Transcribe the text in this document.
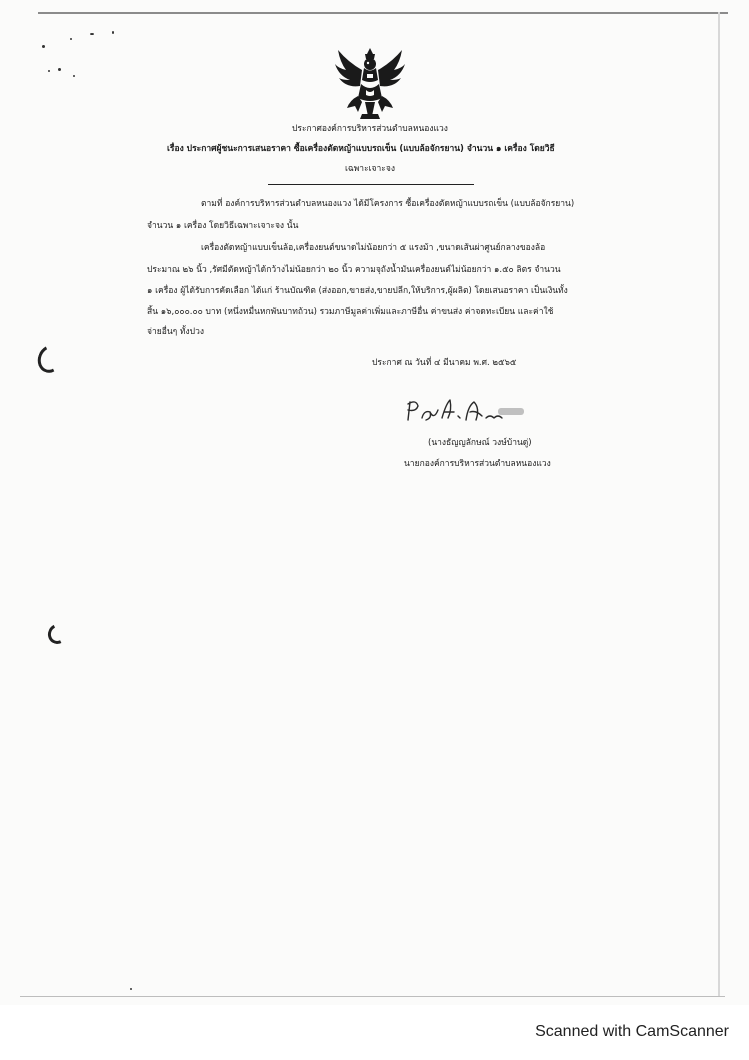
ประกาศองค์การบริหารส่วนตำบลหนองแวง

เรื่อง ประกาศผู้ชนะการเสนอราคา ซื้อเครื่องตัดหญ้าแบบรถเข็น (แบบล้อจักรยาน) จำนวน ๑ เครื่อง โดยวิธี

เฉพาะเจาะจง

ตามที่ องค์การบริหารส่วนตำบลหนองแวง ได้มีโครงการ ซื้อเครื่องตัดหญ้าแบบรถเข็น (แบบล้อจักรยาน)

จำนวน ๑ เครื่อง โดยวิธีเฉพาะเจาะจง นั้น

เครื่องตัดหญ้าแบบเข็นล้อ,เครื่องยนต์ขนาดไม่น้อยกว่า ๕ แรงม้า ,ขนาดเส้นผ่าศูนย์กลางของล้อ

ประมาณ ๒๖ นิ้ว ,รัศมีตัดหญ้าได้กว้างไม่น้อยกว่า ๒๐ นิ้ว ความจุถังน้ำมันเครื่องยนต์ไม่น้อยกว่า ๑.๕๐ ลิตร จำนวน

๑ เครื่อง ผู้ได้รับการคัดเลือก ได้แก่ ร้านบัณฑิต (ส่งออก,ขายส่ง,ขายปลีก,ให้บริการ,ผู้ผลิต) โดยเสนอราคา เป็นเงินทั้ง

สิ้น ๑๖,๐๐๐.๐๐ บาท (หนึ่งหมื่นหกพันบาทถ้วน) รวมภาษีมูลค่าเพิ่มและภาษีอื่น ค่าขนส่ง ค่าจดทะเบียน และค่าใช้

จ่ายอื่นๆ ทั้งปวง

ประกาศ ณ วันที่ ๔ มีนาคม พ.ศ. ๒๕๖๕

(นางธัญญลักษณ์ วงษ์บ้านดู่)

นายกองค์การบริหารส่วนตำบลหนองแวง

Scanned with CamScanner
